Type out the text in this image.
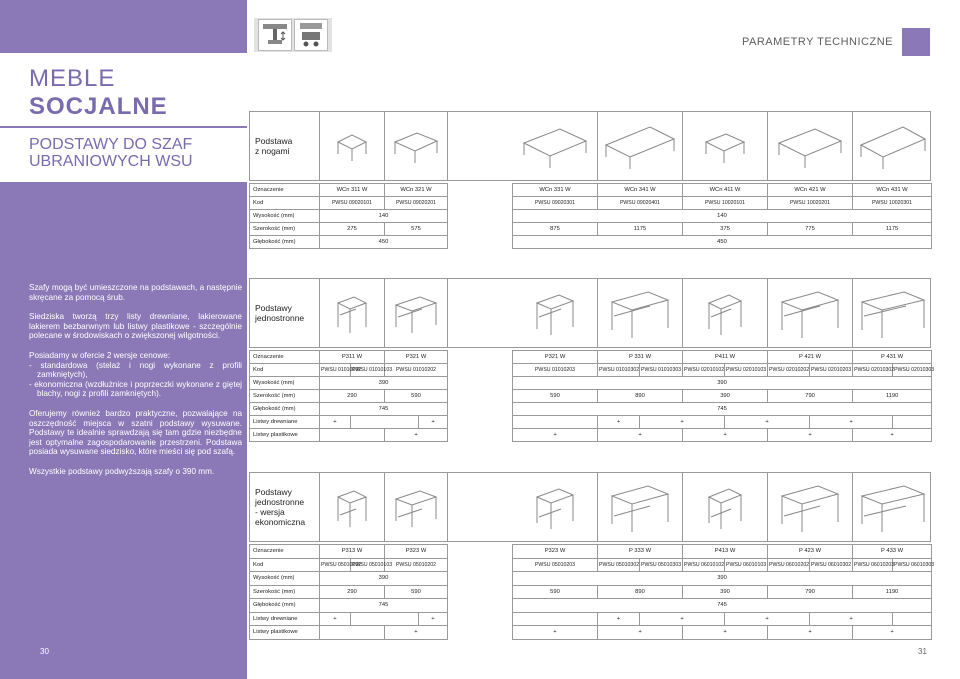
MEBLE
SOCJALNE
PODSTAWY DO SZAF
UBRANIOWYCH WSU

Szafy mogą być umieszczone na podstawach, a następnie skręcane za pomocą śrub.

Siedziska tworzą trzy listy drewniane, lakierowane lakierem bezbarwnym lub listwy plastikowe - szczególnie polecane w środowiskach o zwiększonej wilgotności.

Posiadamy w ofercie 2 wersje cenowe:

- standardowa (stelaż i nogi wykonane z profili zamkniętych),

- ekonomiczna (wzdłużnice i poprzeczki wykonane z giętej blachy, nogi z profili zamkniętych).

Oferujemy również bardzo praktyczne, pozwalające na oszczędność miejsca w szatni podstawy wysuwane. Podstawy te idealnie sprawdzają się tam gdzie niezbędne jest optymalne zagospodarowanie przestrzeni. Podstawa posiada wysuwane siedzisko, które mieści się pod szafą.

Wszystkie podstawy podwyższają szafy o 390 mm.

30
PARAMETRY TECHNICZNE
31
Podstawa
z nogami
Oznaczenie	WCn 311 W	WCn 321 W		WCn 331 W	WCn 341 W	WCn 411 W	WCn 421 W	WCn 431 W
Kod	PWSU 09020101	PWSU 09020201		PWSU 09020301	PWSU 09020401	PWSU 10020101	PWSU 10020201	PWSU 10020301
Wysokość (mm)	140			140				
Szerokość (mm)	275	575		875	1175	375	775	1175
Głębokość (mm)	450			450				
Podstawy
jednostronne
Oznaczenie	P311 W		P321 W			P321 W	P 331 W		P411 W		P 421 W		P 431 W	
Kod	PWSU 01010102	PWSU 01010103	PWSU 01010202			PWSU 01010203	PWSU 01010302	PWSU 01010303	PWSU 02010102	PWSU 02010103	PWSU 02010202	PWSU 02010203	PWSU 02010302	PWSU 02010303
Wysokość (mm)	390					390								
Szerokość (mm)	290		590			590	890		390		790		1190	
Głębokość (mm)	745					745								
Listwy drewniane	+			+			+	+		+		+		
Listwy plastikowe			+			+	+		+		+		+	
Podstawy
jednostronne
- wersja
ekonomiczna
Oznaczenie	P313 W		P323 W			P323 W	P 333 W		P413 W		P 423 W		P 433 W	
Kod	PWSU 05010102	PWSU 05010103	PWSU 05010202			PWSU 05010203	PWSU 05010302	PWSU 05010303	PWSU 06010102	PWSU 06010103	PWSU 06010202	PWSU 06010302	PWSU 06010203	PWSU 06010303
Wysokość (mm)	390					390								
Szerokość (mm)	290		590			590	890		390		790		1190	
Głębokość (mm)	745					745								
Listwy drewniane	+			+			+	+		+		+		
Listwy plastikowe			+			+	+		+		+		+	
